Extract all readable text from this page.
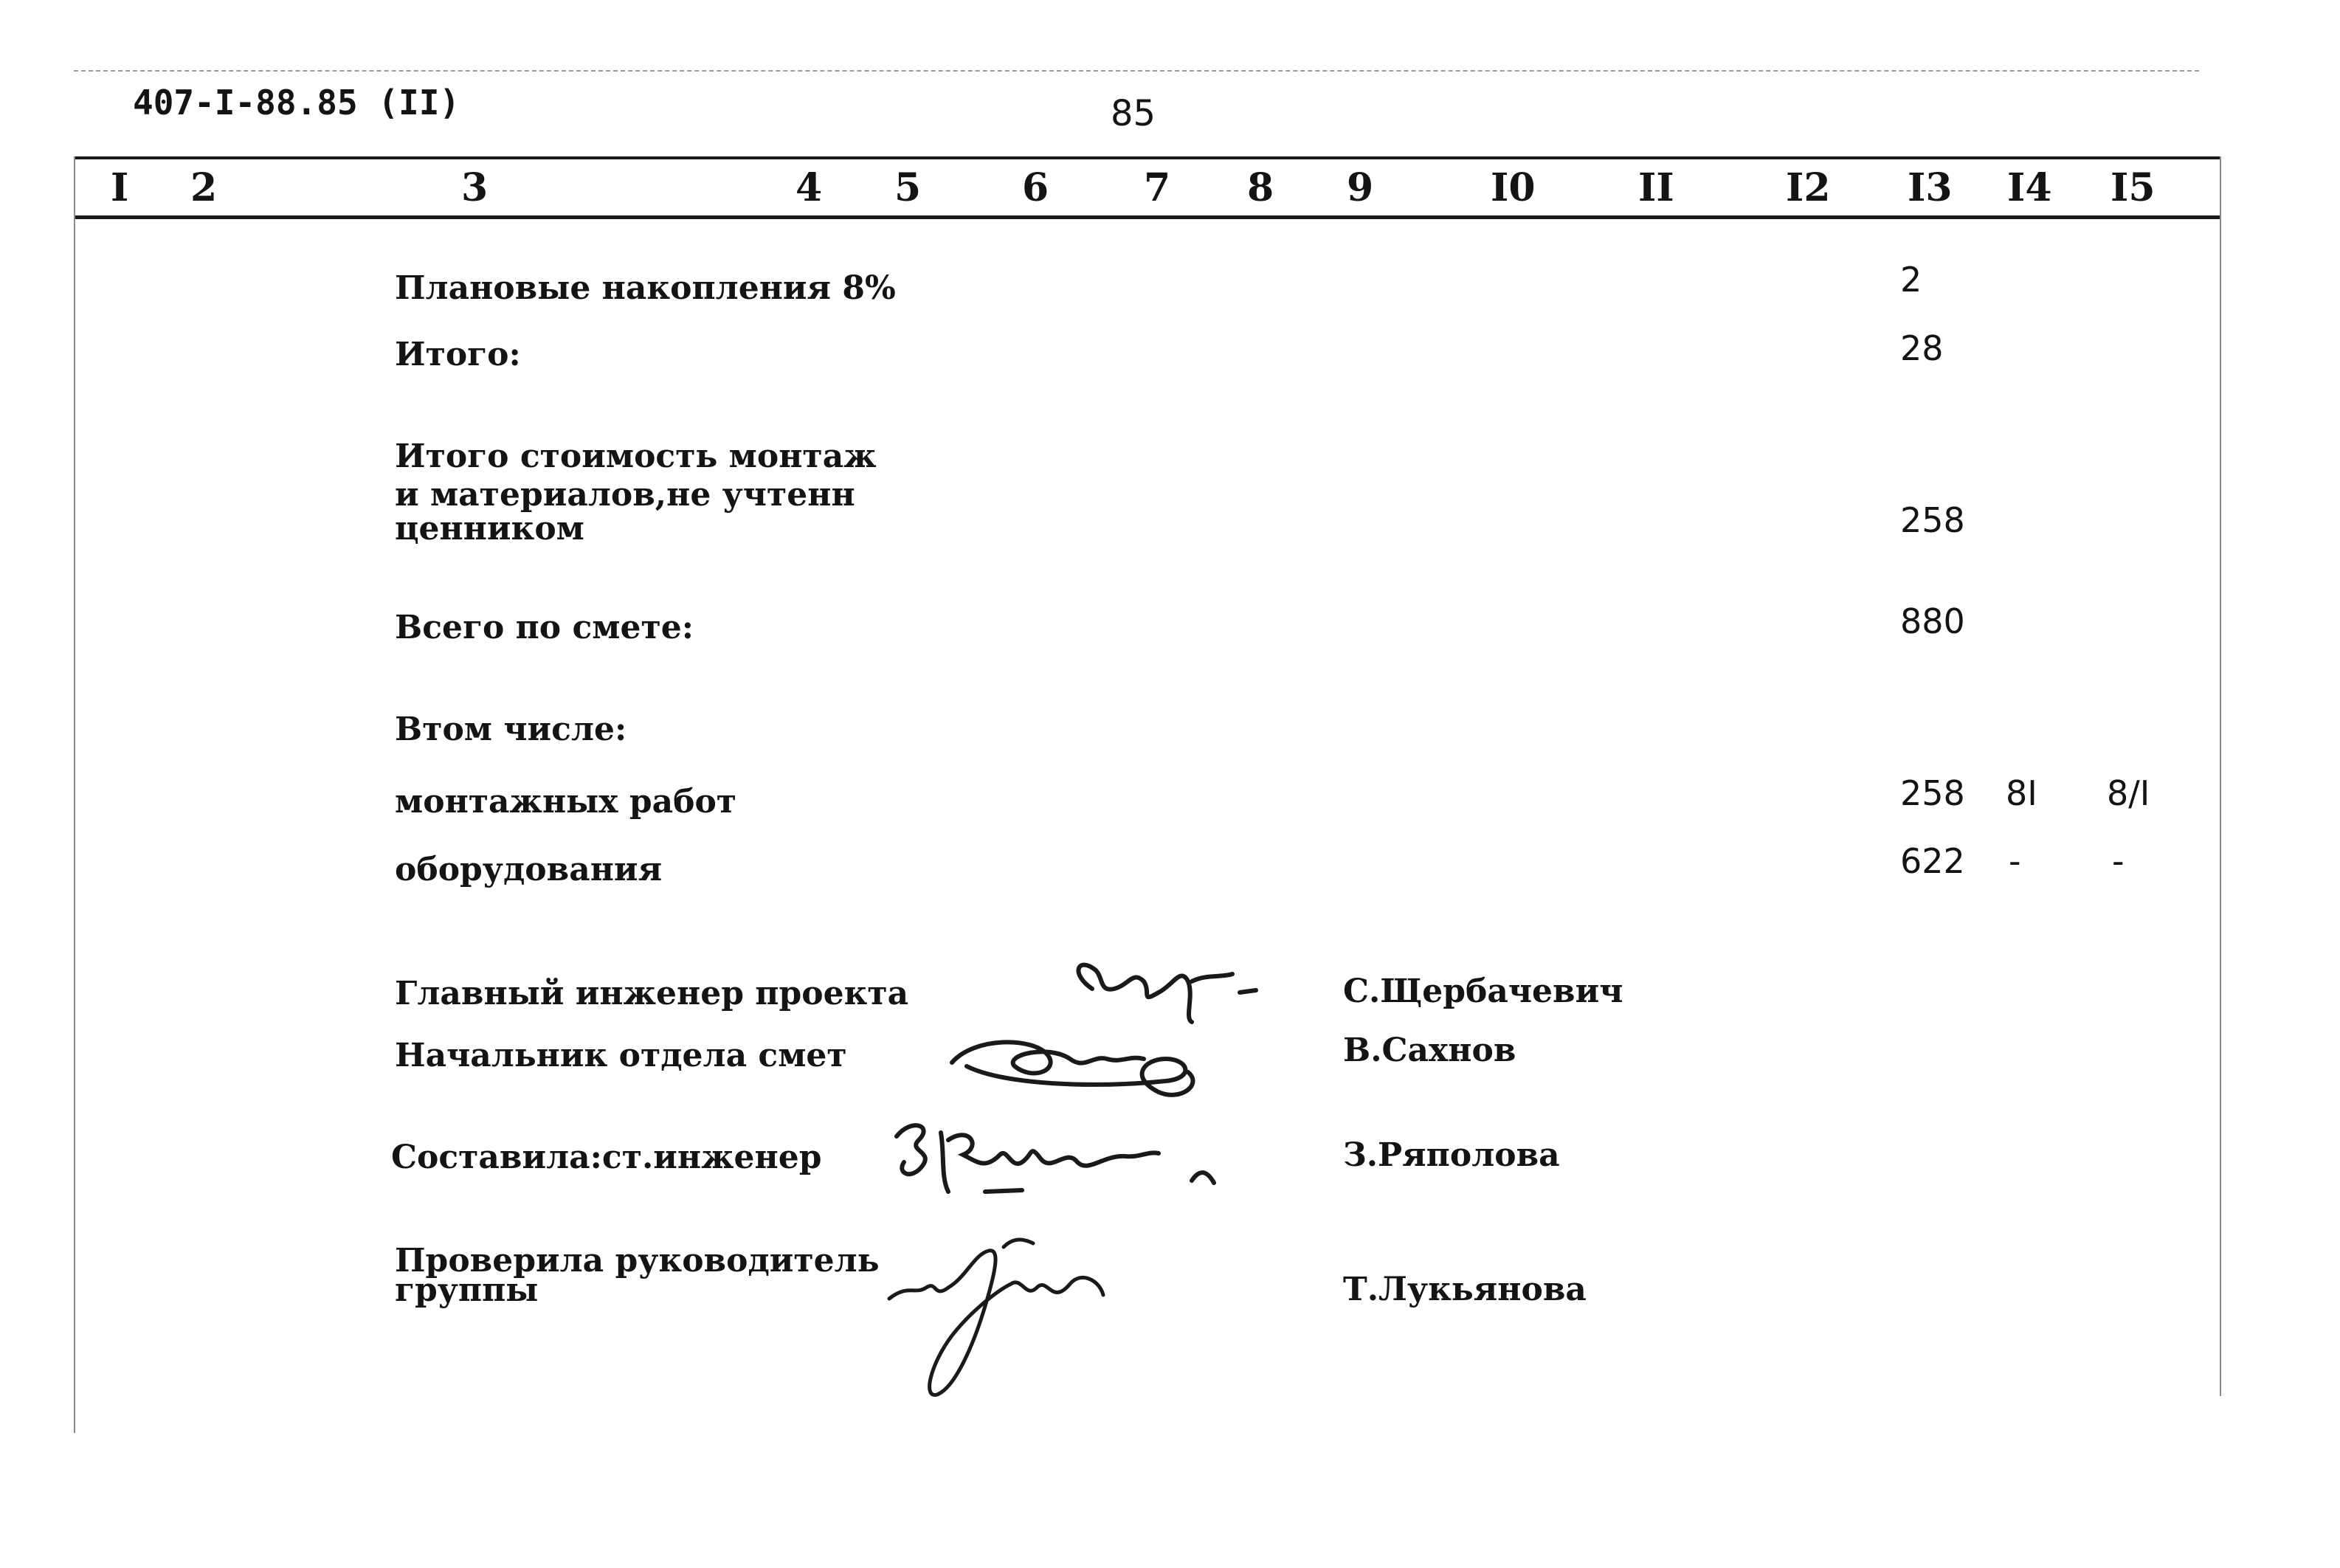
407-I-88.85 (II)	85
I 2	3	4 5	6 7 8 9	I0	II	I2 I3 I4 I5
Плановые накопления 8%	2
Итого:	28
Итого стоимость монтаж
и материалов,не учтенн
ценником	258
Всего по смете:	880
Втом числе:
монтажных работ	258 8I 8/I
оборудования	622 -	-
Главный инженер проекта	С.Щербачевич
Начальник отдела смет	В.Сахнов
Составила:ст.инженер	З.Ряполова
Проверила руководитель
группы	Т.Лукьянова
